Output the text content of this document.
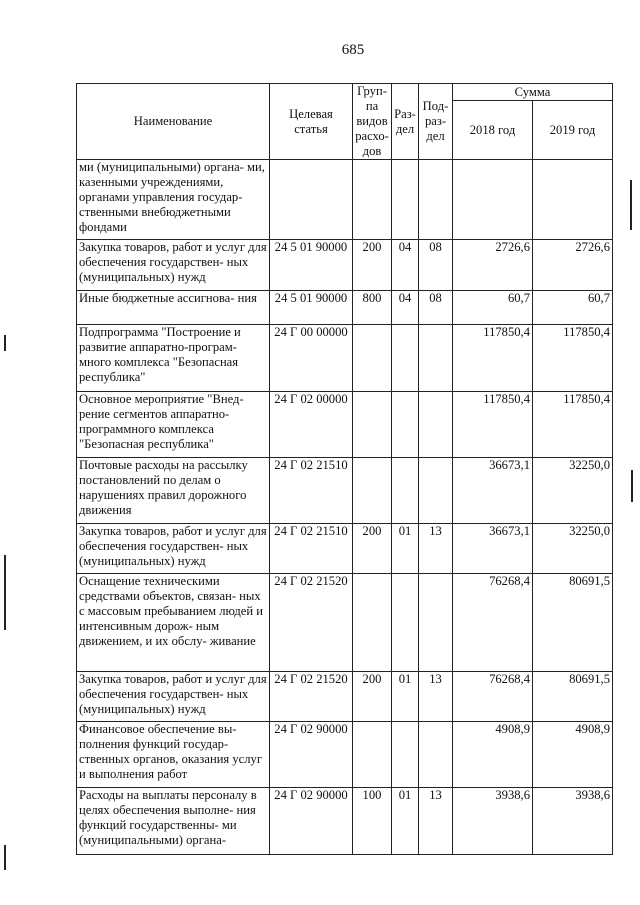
685
Наименование	Целевая статья	Груп- па видов расхо- дов	Раз- дел	Под- раз- дел	Сумма	
					2018 год	2019 год
ми (муниципальными) органа- ми, казенными учреждениями, органами управления государ- ственными внебюджетными фондами						
Закупка товаров, работ и услуг для обеспечения государствен- ных (муниципальных) нужд	24 5 01 90000	200	04	08	2726,6	2726,6
Иные бюджетные ассигнова- ния	24 5 01 90000	800	04	08	60,7	60,7
Подпрограмма "Построение и развитие аппаратно-програм- много комплекса "Безопасная республика"	24 Г 00 00000				117850,4	117850,4
Основное мероприятие "Внед- рение сегментов аппаратно- программного комплекса "Безопасная республика"	24 Г 02 00000				117850,4	117850,4
Почтовые расходы на рассылку постановлений по делам о нарушениях правил дорожного движения	24 Г 02 21510				36673,1	32250,0
Закупка товаров, работ и услуг для обеспечения государствен- ных (муниципальных) нужд	24 Г 02 21510	200	01	13	36673,1	32250,0
Оснащение техническими средствами объектов, связан- ных с массовым пребыванием людей и интенсивным дорож- ным движением, и их обслу- живание	24 Г 02 21520				76268,4	80691,5
Закупка товаров, работ и услуг для обеспечения государствен- ных (муниципальных) нужд	24 Г 02 21520	200	01	13	76268,4	80691,5
Финансовое обеспечение вы- полнения функций государ- ственных органов, оказания услуг и выполнения работ	24 Г 02 90000				4908,9	4908,9
Расходы на выплаты персоналу в целях обеспечения выполне- ния функций государственны- ми (муниципальными) органа-	24 Г 02 90000	100	01	13	3938,6	3938,6
